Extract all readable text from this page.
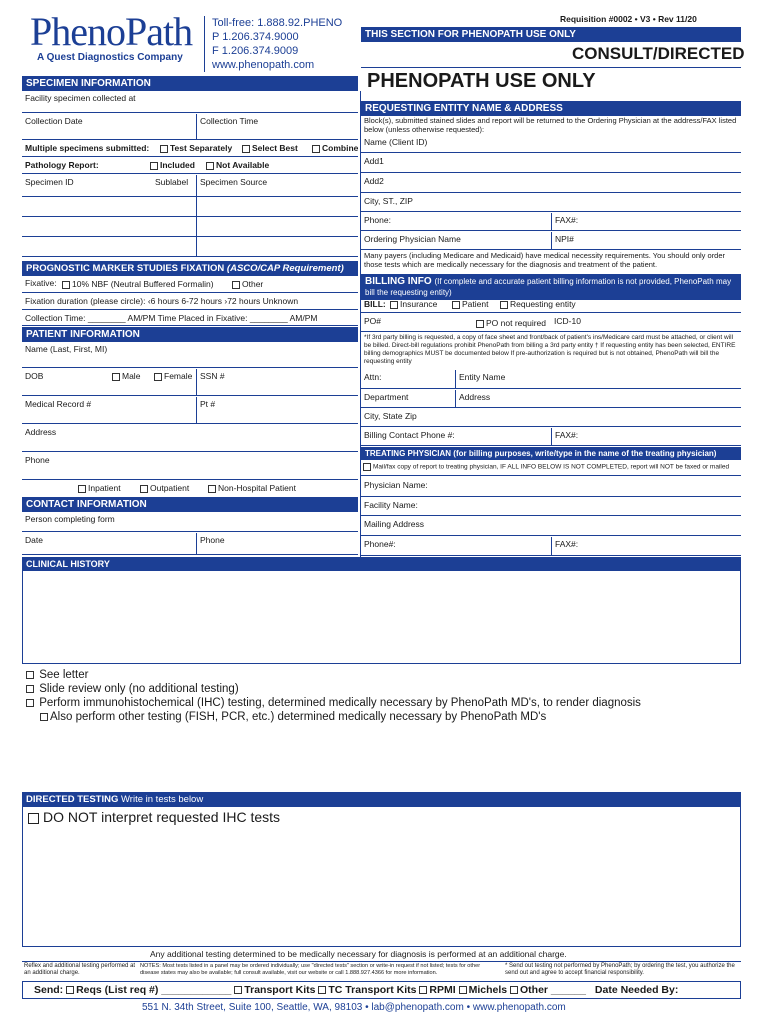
PhenoPath
A Quest Diagnostics Company
Toll-free: 1.888.92.PHENO
P 1.206.374.9000
F 1.206.374.9009
www.phenopath.com
Requisition #0002 • V3 • Rev 11/20
THIS SECTION FOR PHENOPATH USE ONLY
CONSULT/DIRECTED
PHENOPATH USE ONLY
SPECIMEN INFORMATION
Facility specimen collected at
Collection Date	Collection Time
Multiple specimens submitted:	Test Separately	Select Best	Combine
Pathology Report:	Included	Not Available
Specimen ID	Sublabel	Specimen Source
PROGNOSTIC MARKER STUDIES FIXATION (ASCO/CAP Requirement)
Fixative:	10% NBF (Neutral Buffered Formalin)	Other
Fixation duration (please circle): ‹6 hours 6-72 hours ›72 hours Unknown
Collection Time: ________ AM/PM Time Placed in Fixative: ________ AM/PM
PATIENT INFORMATION
Name (Last, First, MI)
DOB	Male	Female SSN #
Medical Record #	Pt #
Address
Phone
Inpatient	Outpatient	Non-Hospital Patient
CONTACT INFORMATION
Person completing form
Date	Phone
REQUESTING ENTITY NAME & ADDRESS
Block(s), submitted stained slides and report will be returned to the Ordering Physician at the address/FAX listed below (unless otherwise requested):
Name (Client ID)
Add1
Add2
City, ST., ZIP
Phone:	FAX#:
Ordering Physician Name	NPI#
Many payers (including Medicare and Medicaid) have medical necessity requirements. You should only order those tests which are medically necessary for the diagnosis and treatment of the patient.
BILLING INFO (If complete and accurate patient billing information is not provided, PhenoPath may bill the requesting entity)
BILL:	Insurance	Patient	Requesting entity
PO#	PO not required ICD-10
*If 3rd party billing is requested, a copy of face sheet and front/back of patient's ins/Medicare card must be attached, or client will be billed. Direct-bill regulations prohibit PhenoPath from billing a 3rd party entity † If requesting entity has been selected, ENTIRE billing demographics MUST be documented below If pre-authorization is required but is not obtained, PhenoPath will bill the requesting entity
Attn:	Entity Name
Department	Address
City, State Zip
Billing Contact Phone #:	FAX#:
TREATING PHYSICIAN (for billing purposes, write/type in the name of the treating physician)
Mail/fax copy of report to treating physician, IF ALL INFO BELOW IS NOT COMPLETED, report will NOT be faxed or mailed
Physician Name:
Facility Name:
Mailing Address
Phone#:	FAX#:
CLINICAL HISTORY
See letter
Slide review only (no additional testing)
Perform immunohistochemical (IHC) testing, determined medically necessary by PhenoPath MD's, to render diagnosis
Also perform other testing (FISH, PCR, etc.) determined medically necessary by PhenoPath MD's
DIRECTED TESTING Write in tests below
DO NOT interpret requested IHC tests
Any additional testing determined to be medically necessary for diagnosis is performed at an additional charge.
Reflex and additional testing performed at an additional charge.
NOTES: Most tests listed in a panel may be ordered individually; use "directed tests" section or write-in request if not listed; tests for other disease states may also be available; full consult available, visit our website or call 1.888.927.4366 for more information.
* Send out testing not performed by PhenoPath; by ordering the test, you authorize the send out and agree to accept financial responsibility.
Send: Reqs (List req #) ____________ Transport Kits TC Transport Kits RPMI Michels Other ______ Date Needed By:
551 N. 34th Street, Suite 100, Seattle, WA, 98103 • lab@phenopath.com • www.phenopath.com
